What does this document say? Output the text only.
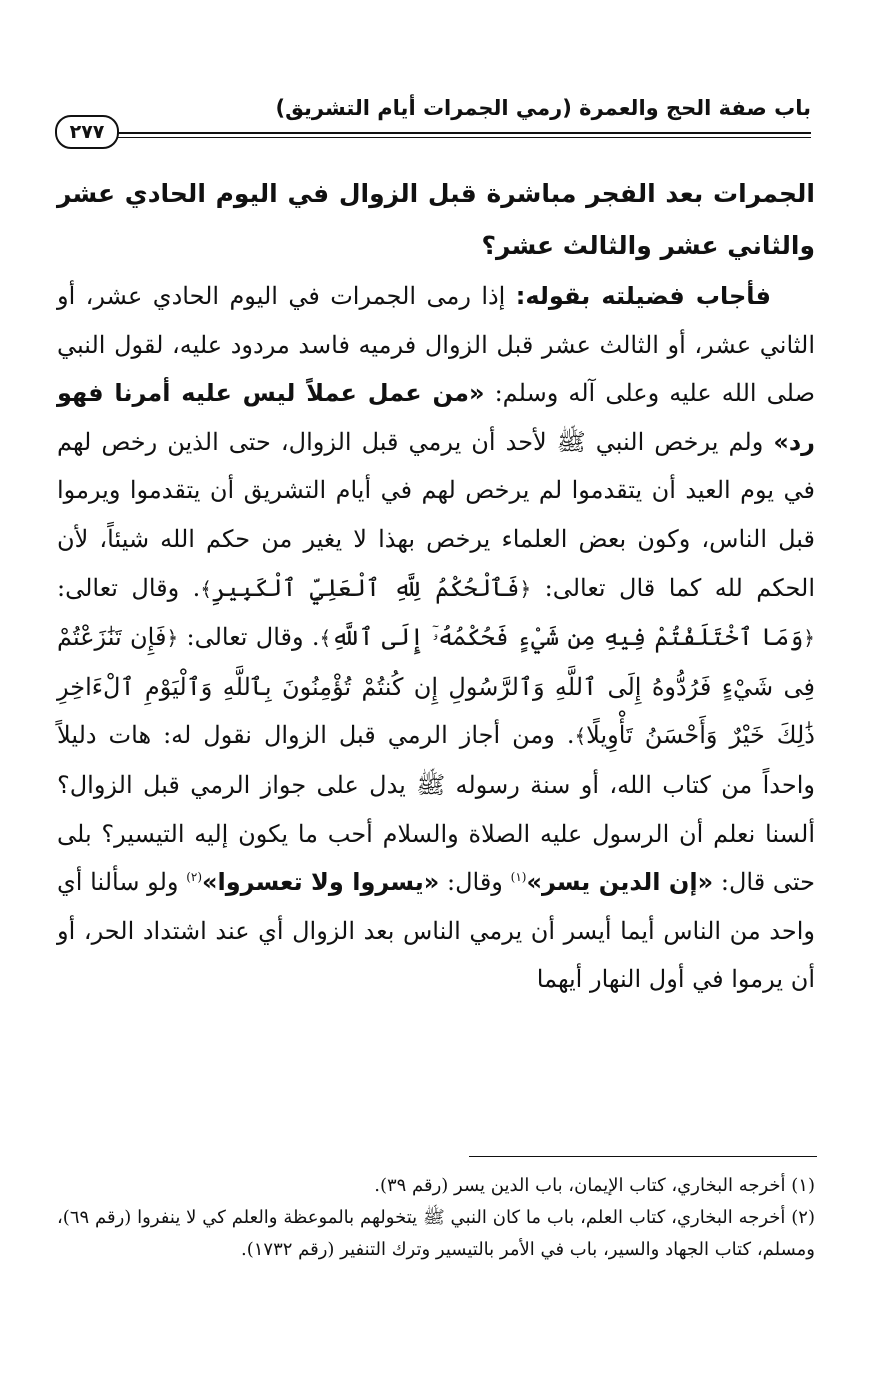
باب صفة الحج والعمرة (رمي الجمرات أيام التشريق)
٢٧٧

الجمرات بعد الفجر مباشرة قبل الزوال في اليوم الحادي عشر والثاني عشر والثالث عشر؟

فأجاب فضيلته بقوله: إذا رمى الجمرات في اليوم الحادي عشر، أو الثاني عشر، أو الثالث عشر قبل الزوال فرميه فاسد مردود عليه، لقول النبي صلى الله عليه وعلى آله وسلم: «من عمل عملاً ليس عليه أمرنا فهو رد» ولم يرخص النبي ﷺ لأحد أن يرمي قبل الزوال، حتى الذين رخص لهم في يوم العيد أن يتقدموا لم يرخص لهم في أيام التشريق أن يتقدموا ويرموا قبل الناس، وكون بعض العلماء يرخص بهذا لا يغير من حكم الله شيئاً، لأن الحكم لله كما قال تعالى: ﴿فَٱلْحُكْمُ لِلَّهِ ٱلْعَلِيِّ ٱلْكَبِيرِ﴾. وقال تعالى: ﴿وَمَا ٱخْتَلَفْتُمْ فِيهِ مِن شَيْءٍ فَحُكْمُهُۥٓ إِلَى ٱللَّهِ﴾. وقال تعالى: ﴿فَإِن تَنَٰزَعْتُمْ فِى شَيْءٍ فَرُدُّوهُ إِلَى ٱللَّهِ وَٱلرَّسُولِ إِن كُنتُمْ تُؤْمِنُونَ بِٱللَّهِ وَٱلْيَوْمِ ٱلْءَاخِرِ ذَٰلِكَ خَيْرٌ وَأَحْسَنُ تَأْوِيلًا﴾. ومن أجاز الرمي قبل الزوال نقول له: هات دليلاً واحداً من كتاب الله، أو سنة رسوله ﷺ يدل على جواز الرمي قبل الزوال؟ ألسنا نعلم أن الرسول عليه الصلاة والسلام أحب ما يكون إليه التيسير؟ بلى حتى قال: «إن الدين يسر»$^{(١)}$ وقال: «يسروا ولا تعسروا»$^{(٢)}$ ولو سألنا أي واحد من الناس أيما أيسر أن يرمي الناس بعد الزوال أي عند اشتداد الحر، أو أن يرموا في أول النهار أيهما

(١) أخرجه البخاري، كتاب الإيمان، باب الدين يسر (رقم ٣٩).

(٢) أخرجه البخاري، كتاب العلم، باب ما كان النبي ﷺ يتخولهم بالموعظة والعلم كي لا ينفروا (رقم ٦٩)، ومسلم، كتاب الجهاد والسير، باب في الأمر بالتيسير وترك التنفير (رقم ١٧٣٢).
